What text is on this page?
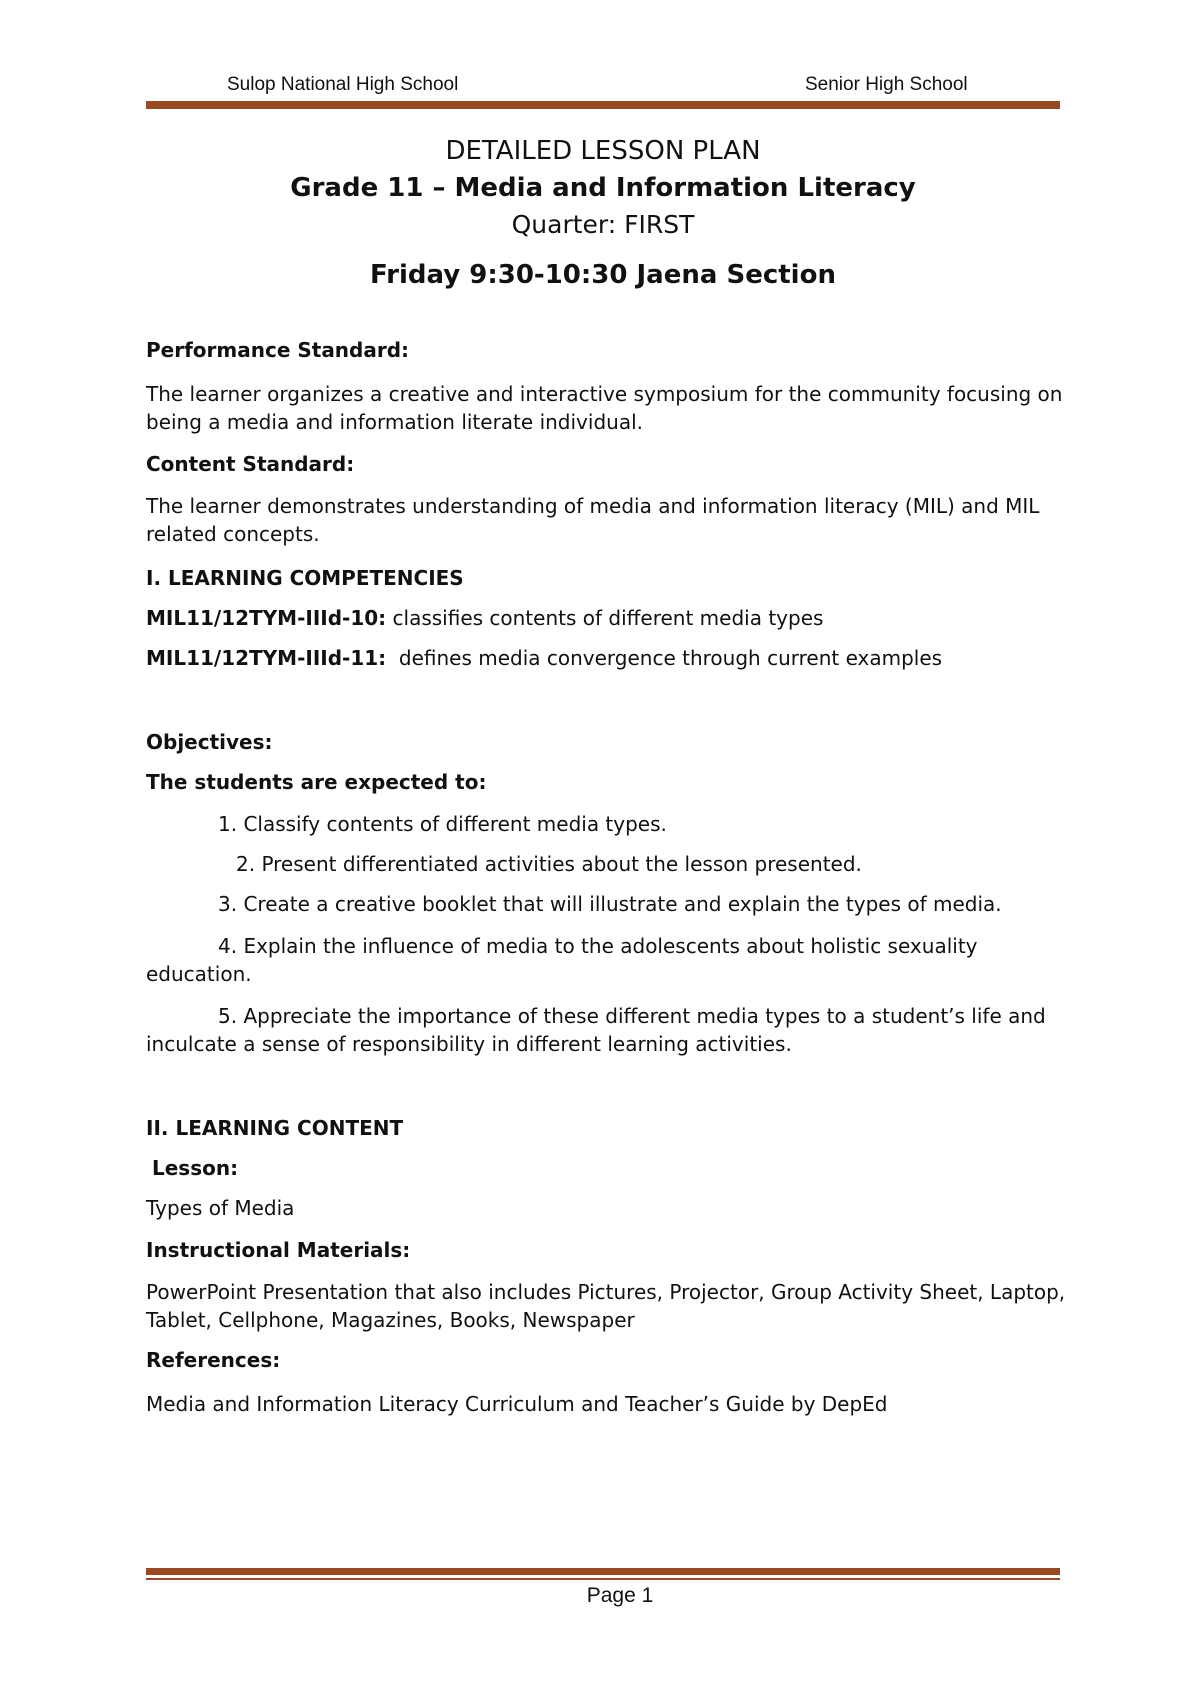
Sulop National High School	Senior High School
DETAILED LESSON PLAN
Grade 11 – Media and Information Literacy
Quarter: FIRST
Friday 9:30-10:30 Jaena Section

Performance Standard:

The learner organizes a creative and interactive symposium for the community focusing on being a media and information literate individual.

Content Standard:

The learner demonstrates understanding of media and information literacy (MIL) and MIL related concepts.

I. LEARNING COMPETENCIES

MIL11/12TYM-IIId-10: classifies contents of different media types

MIL11/12TYM-IIId-11:  defines media convergence through current examples

Objectives:

The students are expected to:

1. Classify contents of different media types.

2. Present differentiated activities about the lesson presented.

3. Create a creative booklet that will illustrate and explain the types of media.

4. Explain the influence of media to the adolescents about holistic sexuality education.

5. Appreciate the importance of these different media types to a student’s life and inculcate a sense of responsibility in different learning activities.

II. LEARNING CONTENT

Lesson:

Types of Media

Instructional Materials:

PowerPoint Presentation that also includes Pictures, Projector, Group Activity Sheet, Laptop, Tablet, Cellphone, Magazines, Books, Newspaper

References:

Media and Information Literacy Curriculum and Teacher’s Guide by DepEd

Page 1
